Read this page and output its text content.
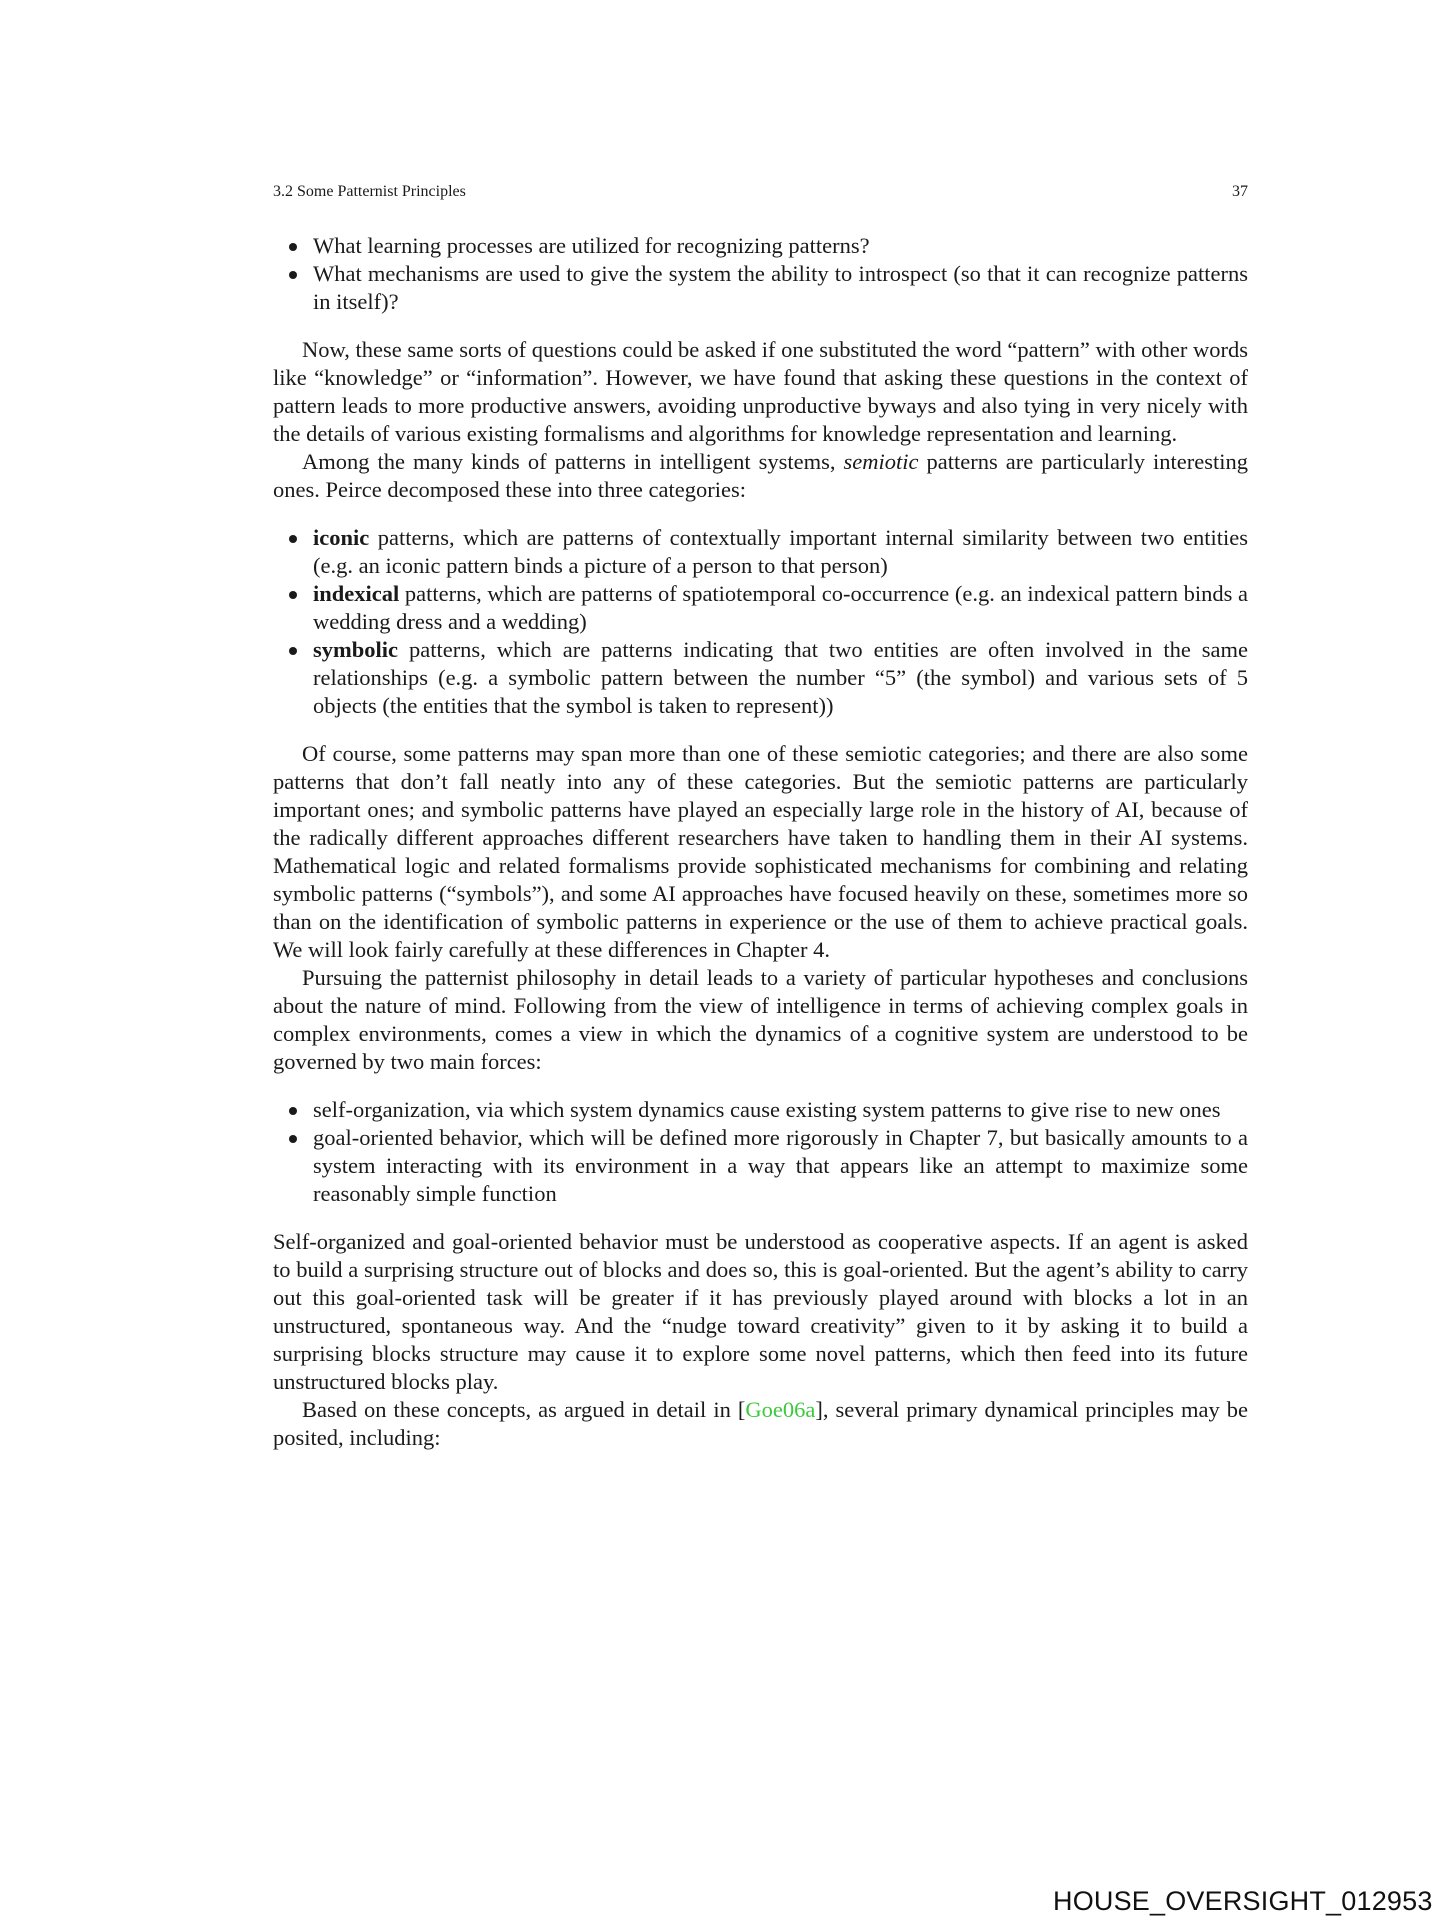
3.2 Some Patternist Principles	37
What learning processes are utilized for recognizing patterns?
What mechanisms are used to give the system the ability to introspect (so that it can recognize patterns in itself)?

Now, these same sorts of questions could be asked if one substituted the word “pattern” with other words like “knowledge” or “information”. However, we have found that asking these questions in the context of pattern leads to more productive answers, avoiding unproductive byways and also tying in very nicely with the details of various existing formalisms and algorithms for knowledge representation and learning.

Among the many kinds of patterns in intelligent systems, semiotic patterns are particularly interesting ones. Peirce decomposed these into three categories:

iconic patterns, which are patterns of contextually important internal similarity between two entities (e.g. an iconic pattern binds a picture of a person to that person)
indexical patterns, which are patterns of spatiotemporal co-occurrence (e.g. an indexical pattern binds a wedding dress and a wedding)
symbolic patterns, which are patterns indicating that two entities are often involved in the same relationships (e.g. a symbolic pattern between the number “5” (the symbol) and various sets of 5 objects (the entities that the symbol is taken to represent))

Of course, some patterns may span more than one of these semiotic categories; and there are also some patterns that don’t fall neatly into any of these categories. But the semiotic patterns are particularly important ones; and symbolic patterns have played an especially large role in the history of AI, because of the radically different approaches different researchers have taken to handling them in their AI systems. Mathematical logic and related formalisms provide sophisticated mechanisms for combining and relating symbolic patterns (“symbols”), and some AI approaches have focused heavily on these, sometimes more so than on the identification of symbolic patterns in experience or the use of them to achieve practical goals. We will look fairly carefully at these differences in Chapter 4.

Pursuing the patternist philosophy in detail leads to a variety of particular hypotheses and conclusions about the nature of mind. Following from the view of intelligence in terms of achieving complex goals in complex environments, comes a view in which the dynamics of a cognitive system are understood to be governed by two main forces:

self-organization, via which system dynamics cause existing system patterns to give rise to new ones
goal-oriented behavior, which will be defined more rigorously in Chapter 7, but basically amounts to a system interacting with its environment in a way that appears like an attempt to maximize some reasonably simple function

Self-organized and goal-oriented behavior must be understood as cooperative aspects. If an agent is asked to build a surprising structure out of blocks and does so, this is goal-oriented. But the agent’s ability to carry out this goal-oriented task will be greater if it has previously played around with blocks a lot in an unstructured, spontaneous way. And the “nudge toward creativity” given to it by asking it to build a surprising blocks structure may cause it to explore some novel patterns, which then feed into its future unstructured blocks play.

Based on these concepts, as argued in detail in [Goe06a], several primary dynamical principles may be posited, including:

HOUSE_OVERSIGHT_012953
